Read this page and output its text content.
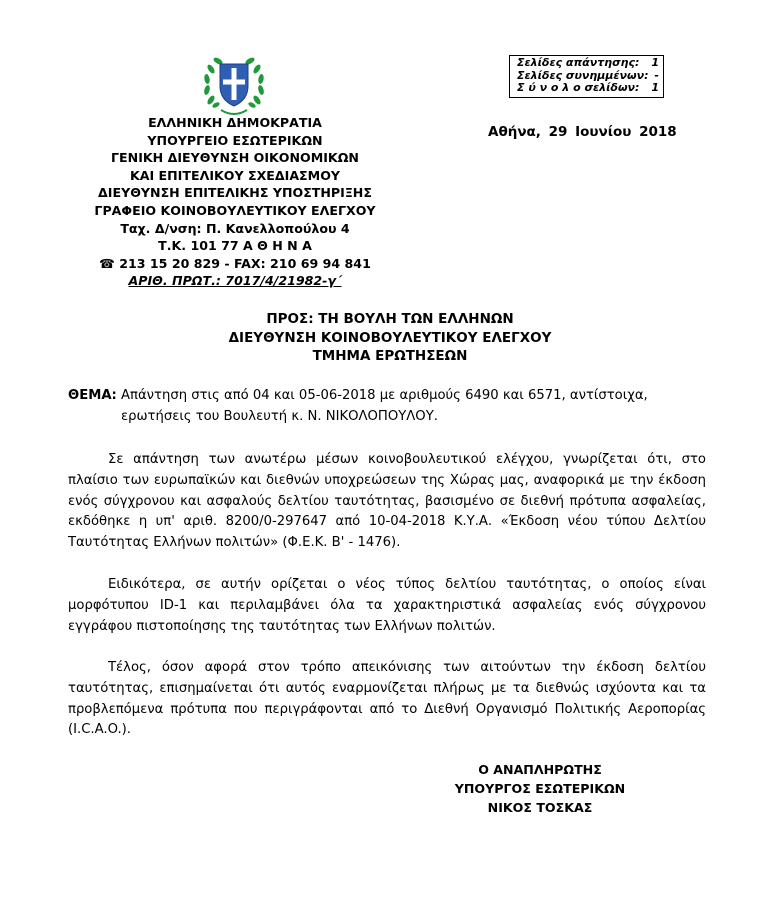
ΕΛΛΗΝΙΚΗ ΔΗΜΟΚΡΑΤΙΑ
ΥΠΟΥΡΓΕΙΟ ΕΣΩΤΕΡΙΚΩΝ
ΓΕΝΙΚΗ ΔΙΕΥΘΥΝΣΗ ΟΙΚΟΝΟΜΙΚΩΝ
ΚΑΙ ΕΠΙΤΕΛΙΚΟΥ ΣΧΕΔΙΑΣΜΟΥ
ΔΙΕΥΘΥΝΣΗ ΕΠΙΤΕΛΙΚΗΣ ΥΠΟΣΤΗΡΙΞΗΣ
ΓΡΑΦΕΙΟ ΚΟΙΝΟΒΟΥΛΕΥΤΙΚΟΥ ΕΛΕΓΧΟΥ
Ταχ. Δ/νση: Π. Κανελλοπούλου 4
Τ.Κ. 101 77 Α Θ Η Ν Α
☎ 213 15 20 829 - FAX: 210 69 94 841
ΑΡΙΘ. ΠΡΩΤ.: 7017/4/21982-γ΄
Σελίδες απάντησης: 1
Σελίδες συνημμένων: -
Σ ύ ν ο λ ο σελίδων: 1
Αθήνα, 29 Ιουνίου 2018
ΠΡΟΣ: ΤΗ ΒΟΥΛΗ ΤΩΝ ΕΛΛΗΝΩΝ
ΔΙΕΥΘΥΝΣΗ ΚΟΙΝΟΒΟΥΛΕΥΤΙΚΟΥ ΕΛΕΓΧΟΥ
ΤΜΗΜΑ ΕΡΩΤΗΣΕΩΝ
ΘΕΜΑ: Απάντηση στις από 04 και 05-06-2018 με αριθμούς 6490 και 6571, αντίστοιχα,
ερωτήσεις του Βουλευτή κ. Ν. ΝΙΚΟΛΟΠΟΥΛΟΥ.
Σε απάντηση των ανωτέρω μέσων κοινοβουλευτικού ελέγχου, γνωρίζεται ότι, στο πλαίσιο των ευρωπαϊκών και διεθνών υποχρεώσεων της Χώρας μας, αναφορικά με την έκδοση ενός σύγχρονου και ασφαλούς δελτίου ταυτότητας, βασισμένο σε διεθνή πρότυπα ασφαλείας, εκδόθηκε η υπ' αριθ. 8200/0-297647 από 10-04-2018 Κ.Υ.Α. «Έκδοση νέου τύπου Δελτίου Ταυτότητας Ελλήνων πολιτών» (Φ.Ε.Κ. Β' - 1476).
Ειδικότερα, σε αυτήν ορίζεται ο νέος τύπος δελτίου ταυτότητας, ο οποίος είναι μορφότυπου ID-1 και περιλαμβάνει όλα τα χαρακτηριστικά ασφαλείας ενός σύγχρονου εγγράφου πιστοποίησης της ταυτότητας των Ελλήνων πολιτών.
Τέλος, όσον αφορά στον τρόπο απεικόνισης των αιτούντων την έκδοση δελτίου ταυτότητας, επισημαίνεται ότι αυτός εναρμονίζεται πλήρως με τα διεθνώς ισχύοντα και τα προβλεπόμενα πρότυπα που περιγράφονται από το Διεθνή Οργανισμό Πολιτικής Αεροπορίας (I.C.A.O.).
Ο ΑΝΑΠΛΗΡΩΤΗΣ
ΥΠΟΥΡΓΟΣ ΕΣΩΤΕΡΙΚΩΝ
ΝΙΚΟΣ ΤΟΣΚΑΣ
